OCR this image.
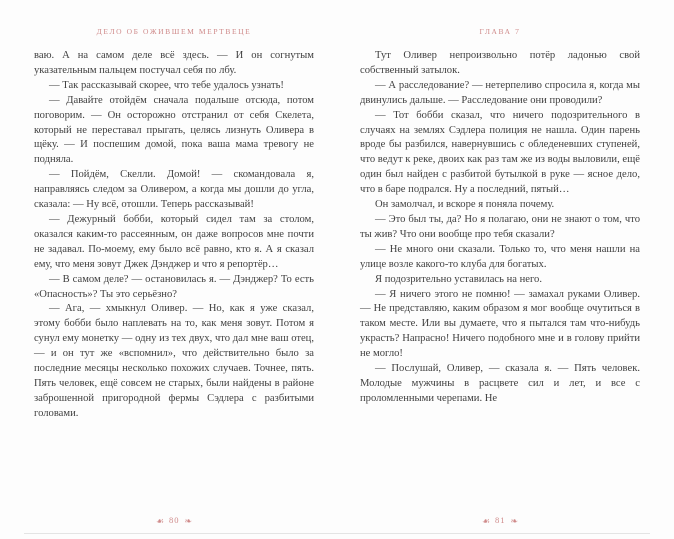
ДЕЛО ОБ ОЖИВШЕМ МЕРТВЕЦЕ

ваю. А на самом деле всё здесь. — И он согнутым указательным пальцем постучал себя по лбу.

— Так рассказывай скорее, что тебе удалось узнать!

— Давайте отойдём сначала подальше отсюда, потом поговорим. — Он осторожно отстранил от себя Скелета, который не переставал прыгать, целясь лизнуть Оливера в щёку. — И поспешим домой, пока ваша мама тревогу не подняла.

— Пойдём, Скелли. Домой! — скомандовала я, направляясь следом за Оливером, а когда мы дошли до угла, сказала: — Ну всё, отошли. Теперь рассказывай!

— Дежурный бобби, который сидел там за столом, оказался каким-то рассеянным, он даже вопросов мне почти не задавал. По-моему, ему было всё равно, кто я. А я сказал ему, что меня зовут Джек Дэнджер и что я репортёр…

— В самом деле? — остановилась я. — Дэнджер? То есть «Опасность»? Ты это серьёзно?

— Ага, — хмыкнул Оливер. — Но, как я уже сказал, этому бобби было наплевать на то, как меня зовут. Потом я сунул ему монетку — одну из тех двух, что дал мне ваш отец, — и он тут же «вспомнил», что действительно было за последние месяцы несколько похожих случаев. Точнее, пять. Пять человек, ещё совсем не старых, были найдены в районе заброшенной пригородной фермы Сэдлера с разбитыми головами.

☙ 80 ❧
ГЛАВА 7

Тут Оливер непроизвольно потёр ладонью свой собственный затылок.

— А расследование? — нетерпеливо спросила я, когда мы двинулись дальше. — Расследование они проводили?

— Тот бобби сказал, что ничего подозрительного в случаях на землях Сэдлера полиция не нашла. Один парень вроде бы разбился, навернувшись с обледеневших ступеней, что ведут к реке, двоих как раз там же из воды выловили, ещё один был найден с разбитой бутылкой в руке — ясное дело, что в баре подрался. Ну а последний, пятый…

Он замолчал, и вскоре я поняла почему.

— Это был ты, да? Но я полагаю, они не знают о том, что ты жив? Что они вообще про тебя сказали?

— Не много они сказали. Только то, что меня нашли на улице возле какого-то клуба для богатых.

Я подозрительно уставилась на него.

— Я ничего этого не помню! — замахал руками Оливер. — Не представляю, каким образом я мог вообще очутиться в таком месте. Или вы думаете, что я пытался там что-нибудь украсть? Напрасно! Ничего подобного мне и в голову прийти не могло!

— Послушай, Оливер, — сказала я. — Пять человек. Молодые мужчины в расцвете сил и лет, и все с проломленными черепами. Не

☙ 81 ❧
